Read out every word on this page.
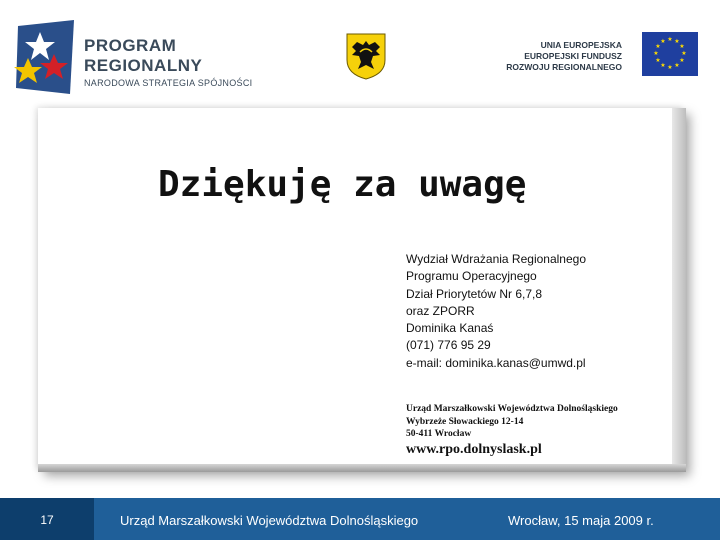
PROGRAM
REGIONALNY
NARODOWA STRATEGIA SPÓJNOŚCI
UNIA EUROPEJSKA
EUROPEJSKI FUNDUSZ
ROZWOJU REGIONALNEGO
★ ★
★
★
★
★
★
★
★
★
★
★
Dziękuję za uwagę
Wydział Wdrażania Regionalnego
Programu Operacyjnego
Dział Priorytetów Nr 6,7,8
oraz ZPORR
Dominika Kanaś
(071) 776 95 29
e-mail: dominika.kanas@umwd.pl
Urząd Marszałkowski Województwa Dolnośląskiego
Wybrzeże Słowackiego 12-14
50-411 Wrocław
www.rpo.dolnyslask.pl
17	Urząd Marszałkowski Województwa Dolnośląskiego	Wrocław, 15 maja 2009 r.
